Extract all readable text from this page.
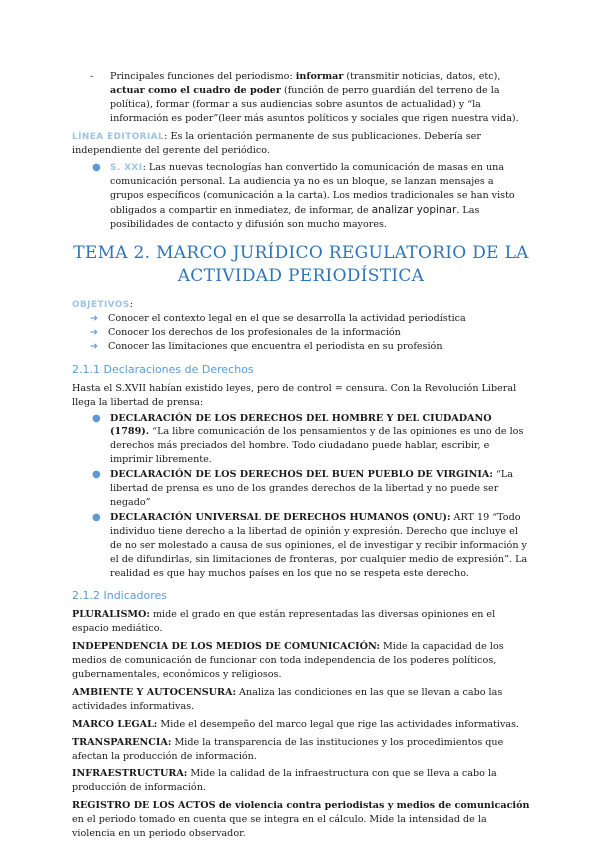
- Principales funciones del periodismo: informar (transmitir noticias, datos, etc), actuar como el cuadro de poder (función de perro guardián del terreno de la política), formar (formar a sus audiencias sobre asuntos de actualidad) y “la información es poder”(leer más asuntos políticos y sociales que rigen nuestra vida).

LÍNEA EDITORIAL: Es la orientación permanente de sus publicaciones. Debería ser independiente del gerente del periódico.

● S. XXI: Las nuevas tecnologías han convertido la comunicación de masas en una comunicación personal. La audiencia ya no es un bloque, se lanzan mensajes a grupos específicos (comunicación a la carta). Los medios tradicionales se han visto obligados a compartir en inmediatez, de informar, de analizar yopinar. Las posibilidades de contacto y difusión son mucho mayores.
TEMA 2. MARCO JURÍDICO REGULATORIO DE LA ACTIVIDAD PERIODÍSTICA

OBJETIVOS:

➔ Conocer el contexto legal en el que se desarrolla la actividad periodística
➔ Conocer los derechos de los profesionales de la información
➔ Conocer las limitaciones que encuentra el periodista en su profesión
2.1.1 Declaraciones de Derechos

Hasta el S.XVII habían existido leyes, pero de control = censura. Con la Revolución Liberal llega la libertad de prensa:

● DECLARACIÓN DE LOS DERECHOS DEL HOMBRE Y DEL CIUDADANO (1789). “La libre comunicación de los pensamientos y de las opiniones es uno de los derechos más preciados del hombre. Todo ciudadano puede hablar, escribir, e imprimir libremente.
● DECLARACIÓN DE LOS DERECHOS DEL BUEN PUEBLO DE VIRGINIA: “La libertad de prensa es uno de los grandes derechos de la libertad y no puede ser negado”
● DECLARACIÓN UNIVERSAL DE DERECHOS HUMANOS (ONU): ART 19 “Todo individuo tiene derecho a la libertad de opinión y expresión. Derecho que incluye el de no ser molestado a causa de sus opiniones, el de investigar y recibir información y el de difundirlas, sin limitaciones de fronteras, por cualquier medio de expresión”. La realidad es que hay muchos países en los que no se respeta este derecho.
2.1.2 Indicadores

PLURALISMO: mide el grado en que están representadas las diversas opiniones en el espacio mediático.

INDEPENDENCIA DE LOS MEDIOS DE COMUNICACIÓN: Mide la capacidad de los medios de comunicación de funcionar con toda independencia de los poderes políticos, gubernamentales, económicos y religiosos.

AMBIENTE Y AUTOCENSURA: Analiza las condiciones en las que se llevan a cabo las actividades informativas.

MARCO LEGAL: Mide el desempeño del marco legal que rige las actividades informativas.

TRANSPARENCIA: Mide la transparencia de las instituciones y los procedimientos que afectan la producción de información.

INFRAESTRUCTURA: Mide la calidad de la infraestructura con que se lleva a cabo la producción de información.

REGISTRO DE LOS ACTOS de violencia contra periodistas y medios de comunicación en el periodo tomado en cuenta que se integra en el cálculo. Mide la intensidad de la violencia en un periodo observador.
